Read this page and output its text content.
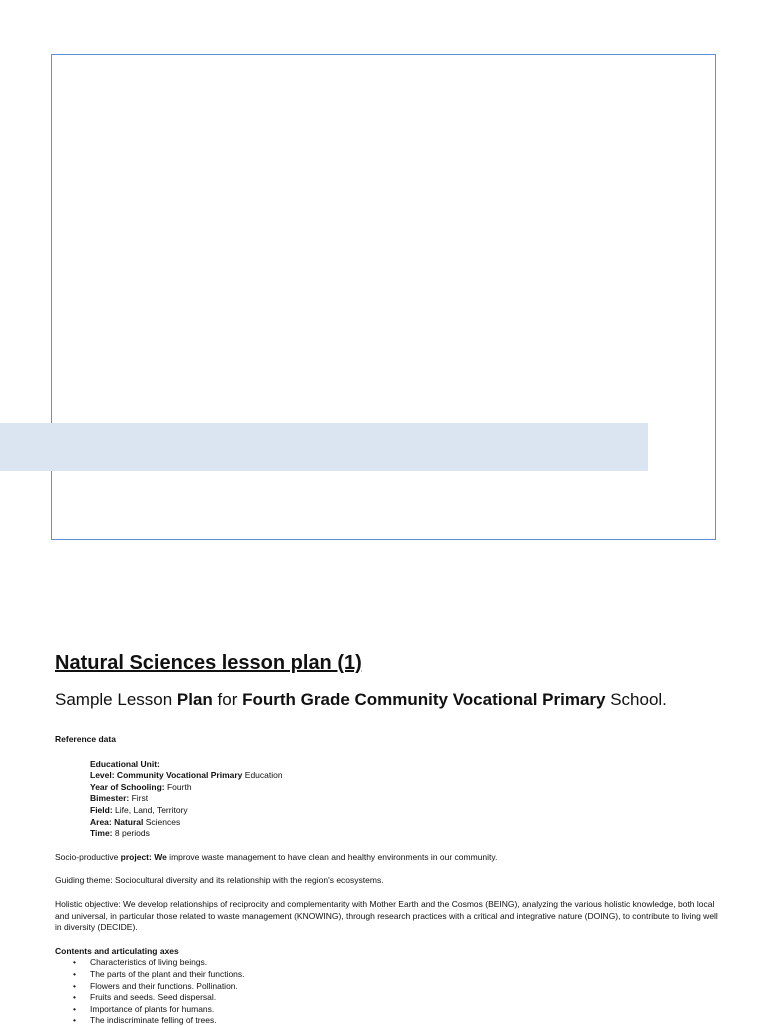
Natural Sciences lesson plan (1)

Sample Lesson Plan for Fourth Grade Community Vocational Primary School.

Reference data
Educational Unit:
Level: Community Vocational Primary Education
Year of Schooling: Fourth
Bimester: First
Field: Life, Land, Territory
Area: Natural Sciences
Time: 8 periods
Socio-productive project: We improve waste management to have clean and healthy environments in our community.
Guiding theme: Sociocultural diversity and its relationship with the region's ecosystems.
Holistic objective: We develop relationships of reciprocity and complementarity with Mother Earth and the Cosmos (BEING), analyzing the various holistic knowledge, both local and universal, in particular those related to waste management (KNOWING), through research practices with a critical and integrative nature (DOING), to contribute to living well in diversity (DECIDE).
Contents and articulating axes
• Characteristics of living beings.
• The parts of the plant and their functions.
• Flowers and their functions. Pollination.
• Fruits and seeds. Seed dispersal.
• Importance of plants for humans.
• The indiscriminate felling of trees.
